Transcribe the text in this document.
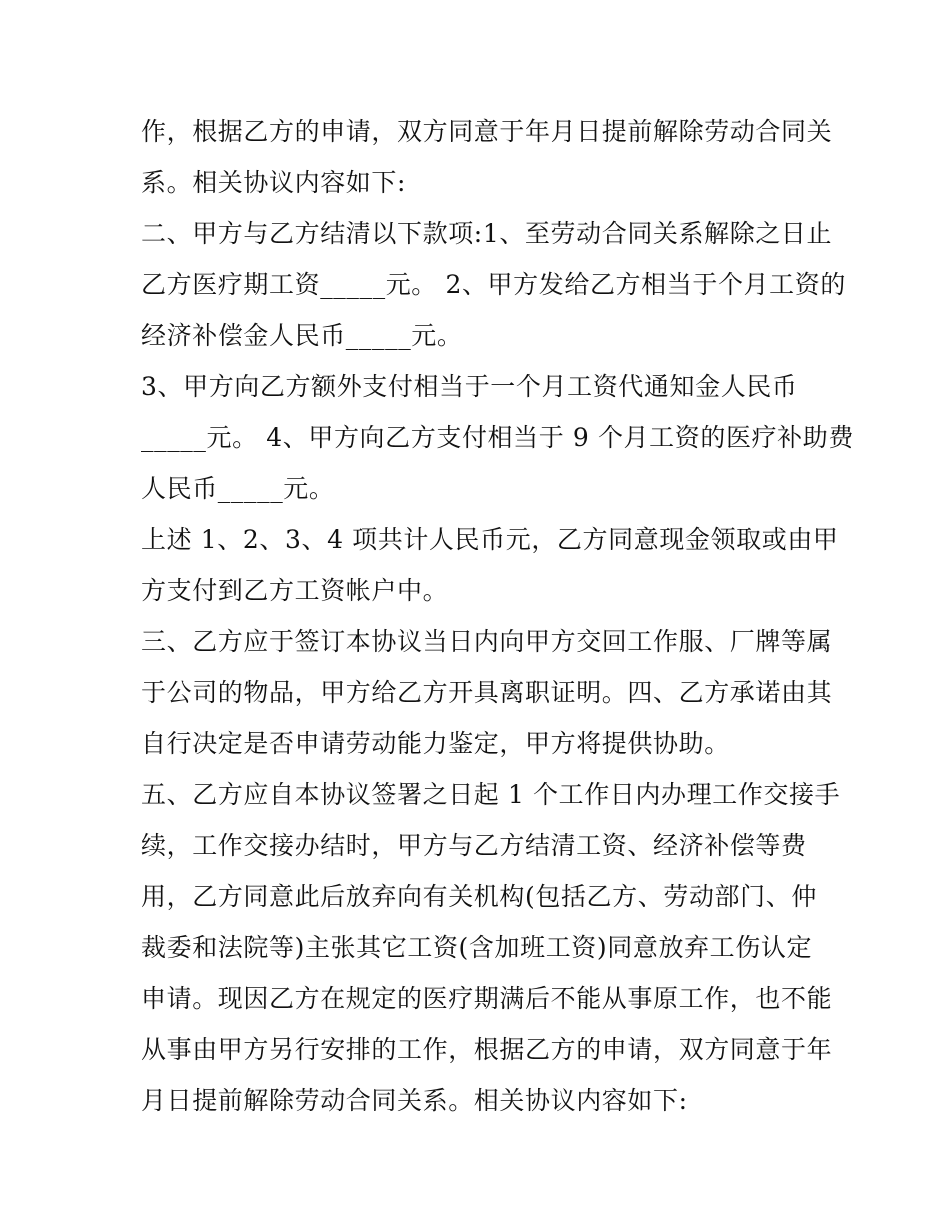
作，根据乙方的申请，双方同意于年月日提前解除劳动合同关
系。相关协议内容如下:
二、甲方与乙方结清以下款项:1、至劳动合同关系解除之日止
乙方医疗期工资_____元。 2、甲方发给乙方相当于个月工资的
经济补偿金人民币_____元。
3、甲方向乙方额外支付相当于一个月工资代通知金人民币
_____元。 4、甲方向乙方支付相当于 9 个月工资的医疗补助费
人民币_____元。
上述 1、2、3、4 项共计人民币元，乙方同意现金领取或由甲
方支付到乙方工资帐户中。
三、乙方应于签订本协议当日内向甲方交回工作服、厂牌等属
于公司的物品，甲方给乙方开具离职证明。四、乙方承诺由其
自行决定是否申请劳动能力鉴定，甲方将提供协助。
五、乙方应自本协议签署之日起 1 个工作日内办理工作交接手
续，工作交接办结时，甲方与乙方结清工资、经济补偿等费
用，乙方同意此后放弃向有关机构(包括乙方、劳动部门、仲
裁委和法院等)主张其它工资(含加班工资)同意放弃工伤认定
申请。现因乙方在规定的医疗期满后不能从事原工作，也不能
从事由甲方另行安排的工作，根据乙方的申请，双方同意于年
月日提前解除劳动合同关系。相关协议内容如下:
